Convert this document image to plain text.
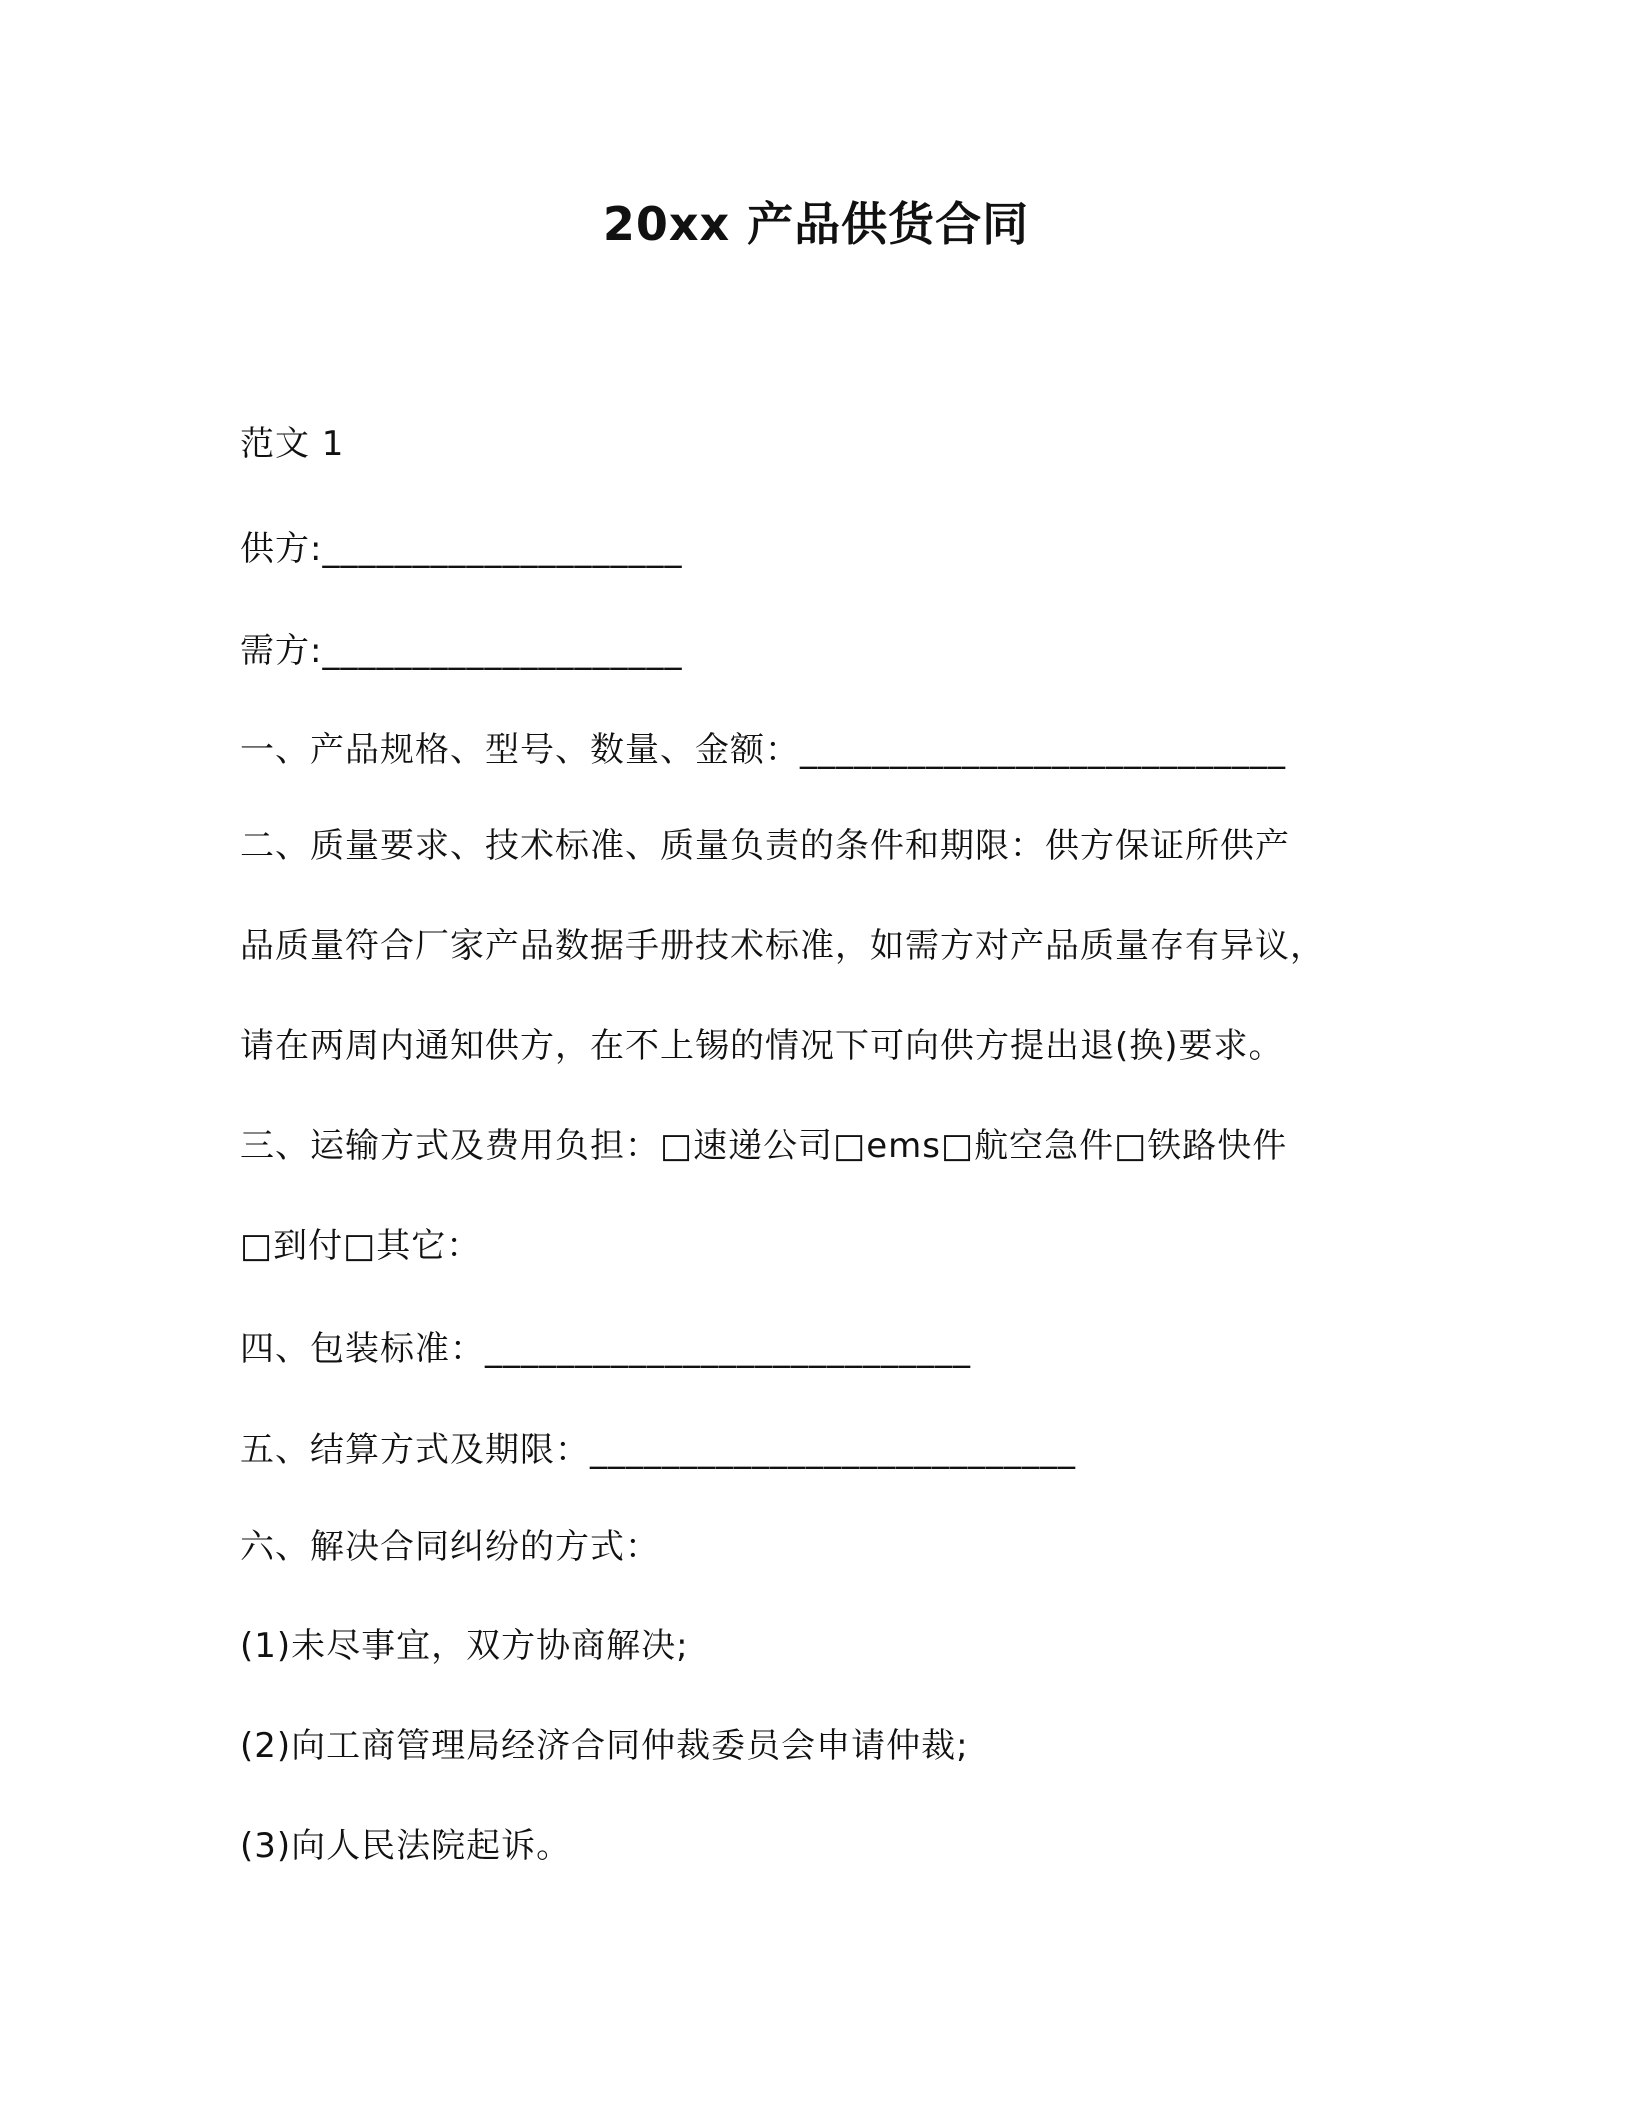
20xx 产品供货合同
范文 1
供方:____________________
需方:____________________
一、产品规格、型号、数量、金额：___________________________
二、质量要求、技术标准、质量负责的条件和期限：供方保证所供产
品质量符合厂家产品数据手册技术标准，如需方对产品质量存有异议，
请在两周内通知供方，在不上锡的情况下可向供方提出退(换)要求。
三、运输方式及费用负担：□速递公司□ems□航空急件□铁路快件
□到付□其它：
四、包装标准：___________________________
五、结算方式及期限：___________________________
六、解决合同纠纷的方式：
(1)未尽事宜，双方协商解决;
(2)向工商管理局经济合同仲裁委员会申请仲裁;
(3)向人民法院起诉。
